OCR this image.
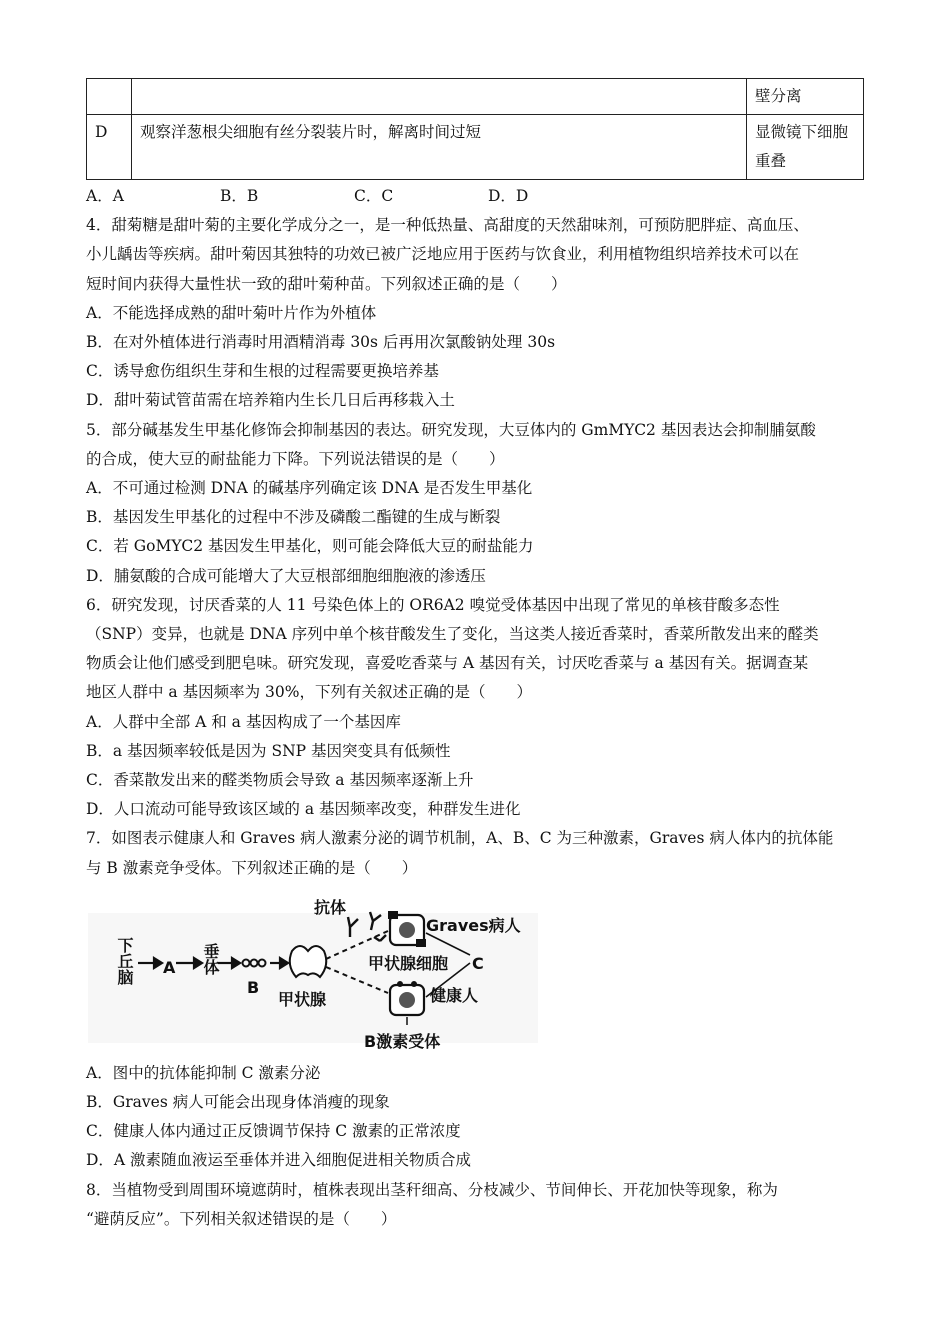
		壁分离
D	观察洋葱根尖细胞有丝分裂装片时，解离时间过短	显微镜下细胞
重叠
A．A	B．B	C．C	D．D
4．甜菊糖是甜叶菊的主要化学成分之一，是一种低热量、高甜度的天然甜味剂，可预防肥胖症、高血压、
小儿龋齿等疾病。甜叶菊因其独特的功效已被广泛地应用于医药与饮食业，利用植物组织培养技术可以在
短时间内获得大量性状一致的甜叶菊种苗。下列叙述正确的是（　　）
A．不能选择成熟的甜叶菊叶片作为外植体
B．在对外植体进行消毒时用酒精消毒 30s 后再用次氯酸钠处理 30s
C．诱导愈伤组织生芽和生根的过程需要更换培养基
D．甜叶菊试管苗需在培养箱内生长几日后再移栽入土
5．部分碱基发生甲基化修饰会抑制基因的表达。研究发现，大豆体内的 GmMYC2 基因表达会抑制脯氨酸
的合成，使大豆的耐盐能力下降。下列说法错误的是（　　）
A．不可通过检测 DNA 的碱基序列确定该 DNA 是否发生甲基化
B．基因发生甲基化的过程中不涉及磷酸二酯键的生成与断裂
C．若 GoMYC2 基因发生甲基化，则可能会降低大豆的耐盐能力
D．脯氨酸的合成可能增大了大豆根部细胞细胞液的渗透压
6．研究发现，讨厌香菜的人 11 号染色体上的 OR6A2 嗅觉受体基因中出现了常见的单核苷酸多态性
（SNP）变异，也就是 DNA 序列中单个核苷酸发生了变化，当这类人接近香菜时，香菜所散发出来的醛类
物质会让他们感受到肥皂味。研究发现，喜爱吃香菜与 A 基因有关，讨厌吃香菜与 a 基因有关。据调查某
地区人群中 a 基因频率为 30%，下列有关叙述正确的是（　　）
A．人群中全部 A 和 a 基因构成了一个基因库
B．a 基因频率较低是因为 SNP 基因突变具有低频性
C．香菜散发出来的醛类物质会导致 a 基因频率逐渐上升
D．人口流动可能导致该区域的 a 基因频率改变，种群发生进化
7．如图表示健康人和 Graves 病人激素分泌的调节机制，A、B、C 为三种激素，Graves 病人体内的抗体能
与 B 激素竞争受体。下列叙述正确的是（　　）
下丘脑 A 垂体
B
甲状腺
抗体
Graves病人
甲状腺细胞 C
健康人
B激素受体
A．图中的抗体能抑制 C 激素分泌
B．Graves 病人可能会出现身体消瘦的现象
C．健康人体内通过正反馈调节保持 C 激素的正常浓度
D．A 激素随血液运至垂体并进入细胞促进相关物质合成
8．当植物受到周围环境遮荫时，植株表现出茎秆细高、分枝减少、节间伸长、开花加快等现象，称为
“避荫反应”。下列相关叙述错误的是（　　）
